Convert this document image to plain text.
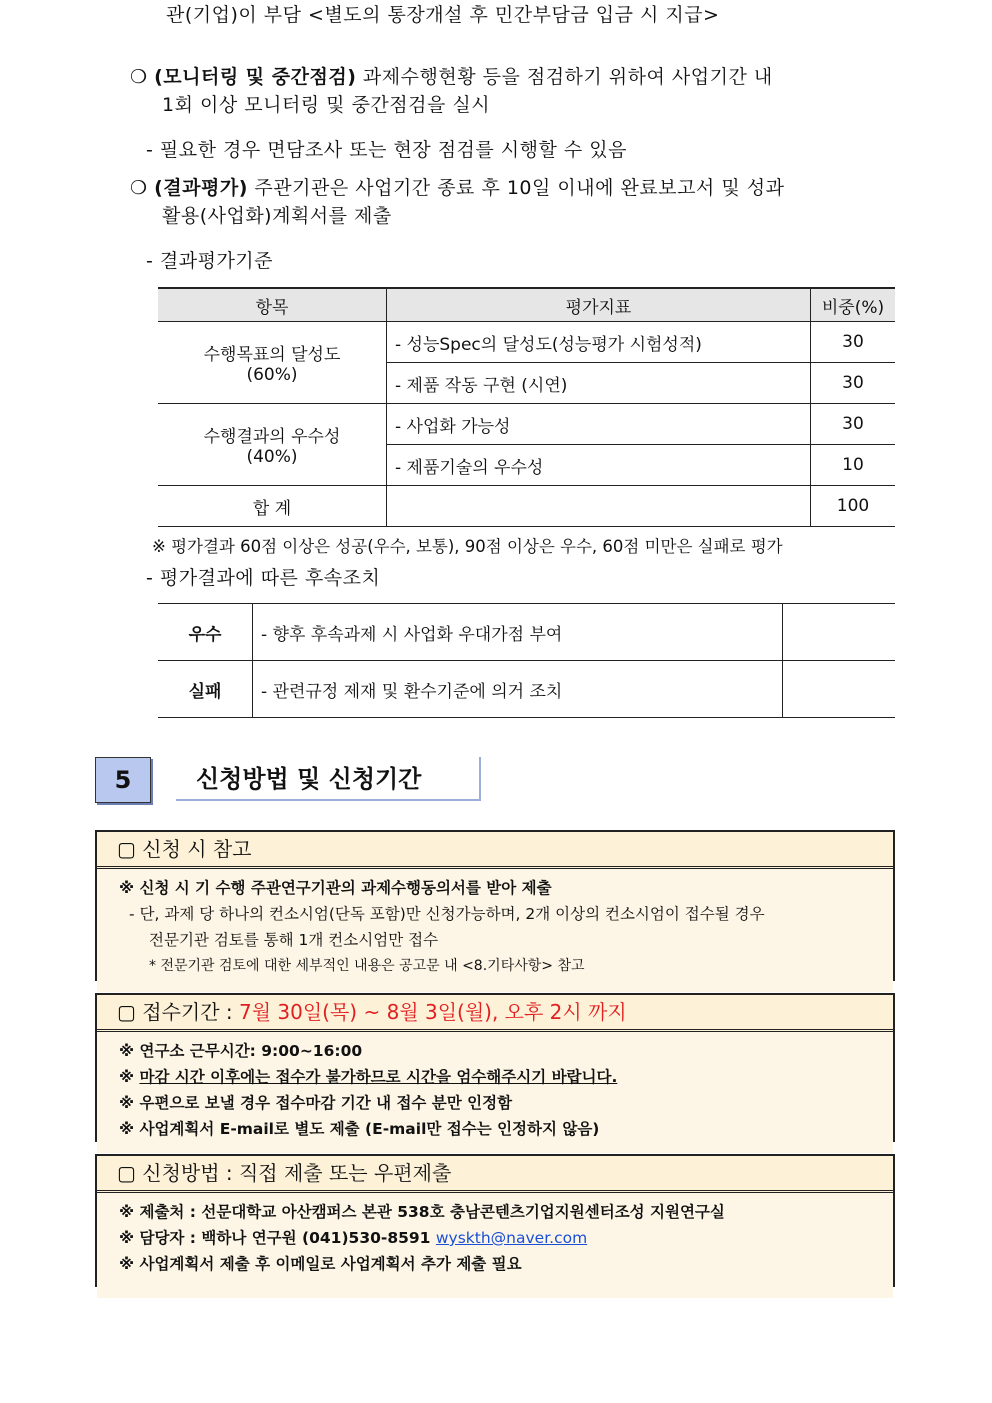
관(기업)이 부담 <별도의 통장개설 후 민간부담금 입금 시 지급>
❍ (모니터링 및 중간점검) 과제수행현황 등을 점검하기 위하여 사업기간 내
1회 이상 모니터링 및 중간점검을 실시
- 필요한 경우 면담조사 또는 현장 점검를 시행할 수 있음
❍ (결과평가) 주관기관은 사업기간 종료 후 10일 이내에 완료보고서 및 성과
활용(사업화)계획서를 제출
- 결과평가기준
항목	평가지표	비중(%)

수행목표의 달성도
(60%)	- 성능Spec의 달성도(성능평가 시험성적)	30
	- 제품 작동 구현 (시연)	30

수행결과의 우수성
(40%)	- 사업화 가능성	30
	- 제품기술의 우수성	10
합 계		100
※ 평가결과 60점 이상은 성공(우수, 보통), 90점 이상은 우수, 60점 미만은 실패로 평가
- 평가결과에 따른 후속조치
우수	- 향후 후속과제 시 사업화 우대가점 부여	
실패	- 관련규정 제재 및 환수기준에 의거 조치	
5	신청방법 및 신청기간
▢ 신청 시 참고
※ 신청 시 기 수행 주관연구기관의 과제수행동의서를 받아 제출
- 단, 과제 당 하나의 컨소시엄(단독 포함)만 신청가능하며, 2개 이상의 컨소시엄이 접수될 경우
전문기관 검토를 통해 1개 컨소시엄만 접수
* 전문기관 검토에 대한 세부적인 내용은 공고문 내 <8.기타사항> 참고
▢ 접수기간 : 7월 30일(목) ~ 8월 3일(월), 오후 2시 까지
※ 연구소 근무시간: 9:00~16:00
※ 마감 시간 이후에는 접수가 불가하므로 시간을 엄수해주시기 바랍니다.
※ 우편으로 보낼 경우 접수마감 기간 내 접수 분만 인정함
※ 사업계획서 E-mail로 별도 제출 (E-mail만 접수는 인정하지 않음)
▢ 신청방법 : 직접 제출 또는 우편제출
※ 제출처 : 선문대학교 아산캠퍼스 본관 538호 충남콘텐츠기업지원센터조성 지원연구실
※ 담당자 : 백하나 연구원 (041)530-8591 wyskth@naver.com
※ 사업계획서 제출 후 이메일로 사업계획서 추가 제출 필요
